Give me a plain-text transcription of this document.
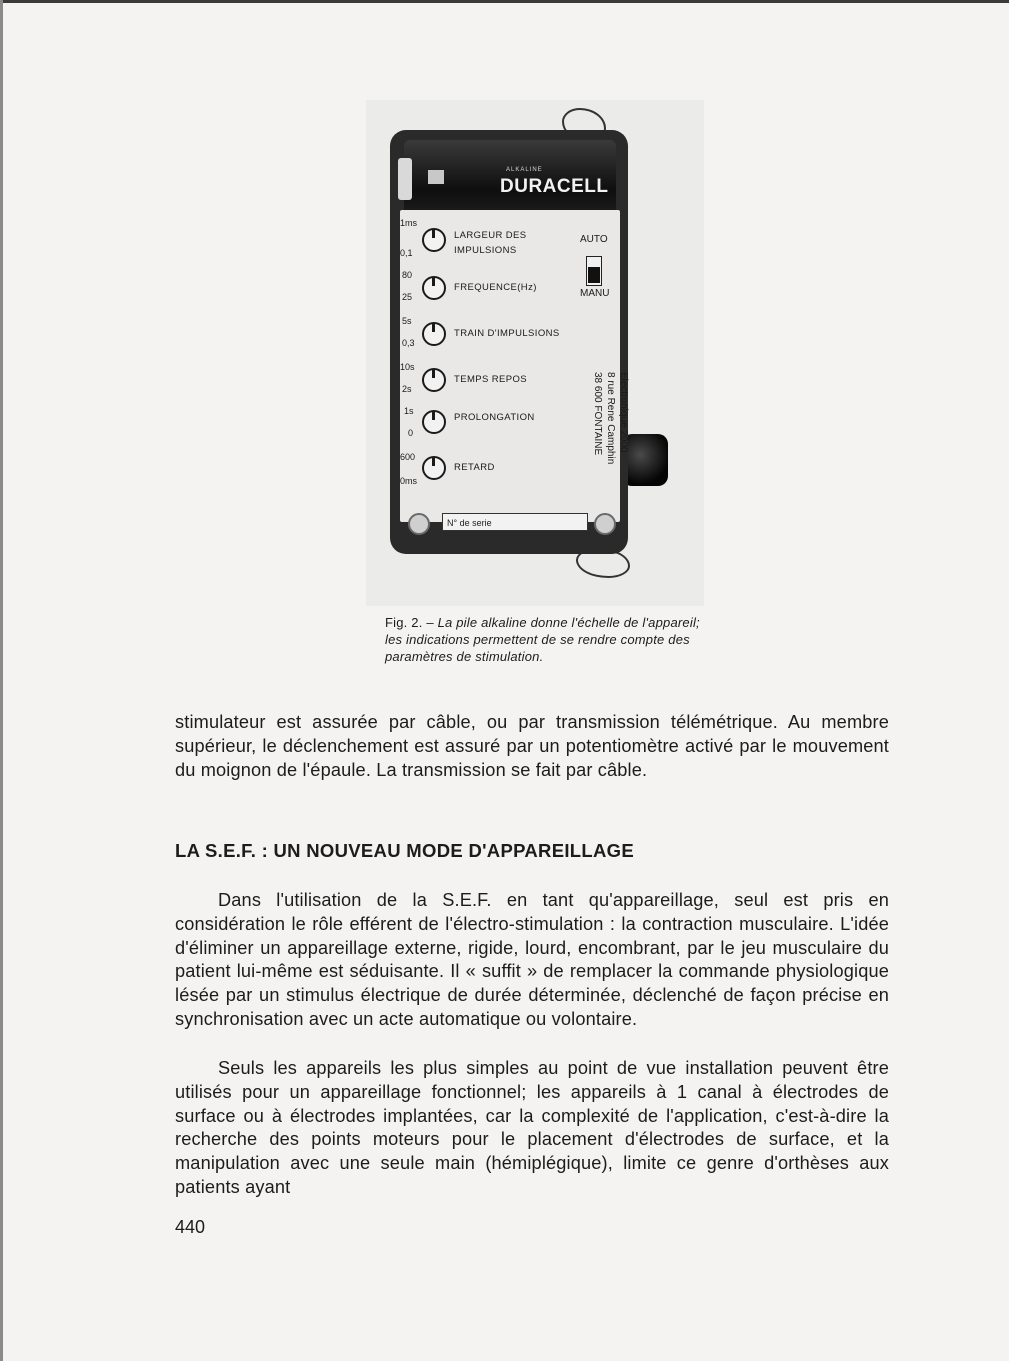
ALKALINE
DURACELL
1ms
0,1
LARGEUR DES IMPULSIONS
80
25
FREQUENCE(Hz)
5s
0,3
TRAIN D'IMPULSIONS
10s
2s
TEMPS REPOS
1s
0
PROLONGATION
600
0ms
RETARD
AUTO
MANU
Electronique 2000
8 rue Rene Camphin
38 600 FONTAINE
N° de serie
Fig. 2. – La pile alkaline donne l'échelle de l'appareil; les indications permettent de se rendre compte des paramètres de stimulation.

stimulateur est assurée par câble, ou par transmission télémétrique. Au membre supérieur, le déclenchement est assuré par un potentiomètre activé par le mouvement du moignon de l'épaule. La transmission se fait par câble.

LA S.E.F. : UN NOUVEAU MODE D'APPAREILLAGE

Dans l'utilisation de la S.E.F. en tant qu'appareillage, seul est pris en considération le rôle efférent de l'électro-stimulation : la contraction musculaire. L'idée d'éliminer un appareillage externe, rigide, lourd, encombrant, par le jeu musculaire du patient lui-même est séduisante. Il « suffit » de remplacer la commande physiologique lésée par un stimulus électrique de durée déterminée, déclenché de façon précise en synchronisation avec un acte automatique ou volontaire.

Seuls les appareils les plus simples au point de vue installation peuvent être utilisés pour un appareillage fonctionnel; les appareils à 1 canal à électrodes de surface ou à électrodes implantées, car la complexité de l'application, c'est-à-dire la recherche des points moteurs pour le placement d'électrodes de surface, et la manipulation avec une seule main (hémiplégique), limite ce genre d'orthèses aux patients ayant

440
